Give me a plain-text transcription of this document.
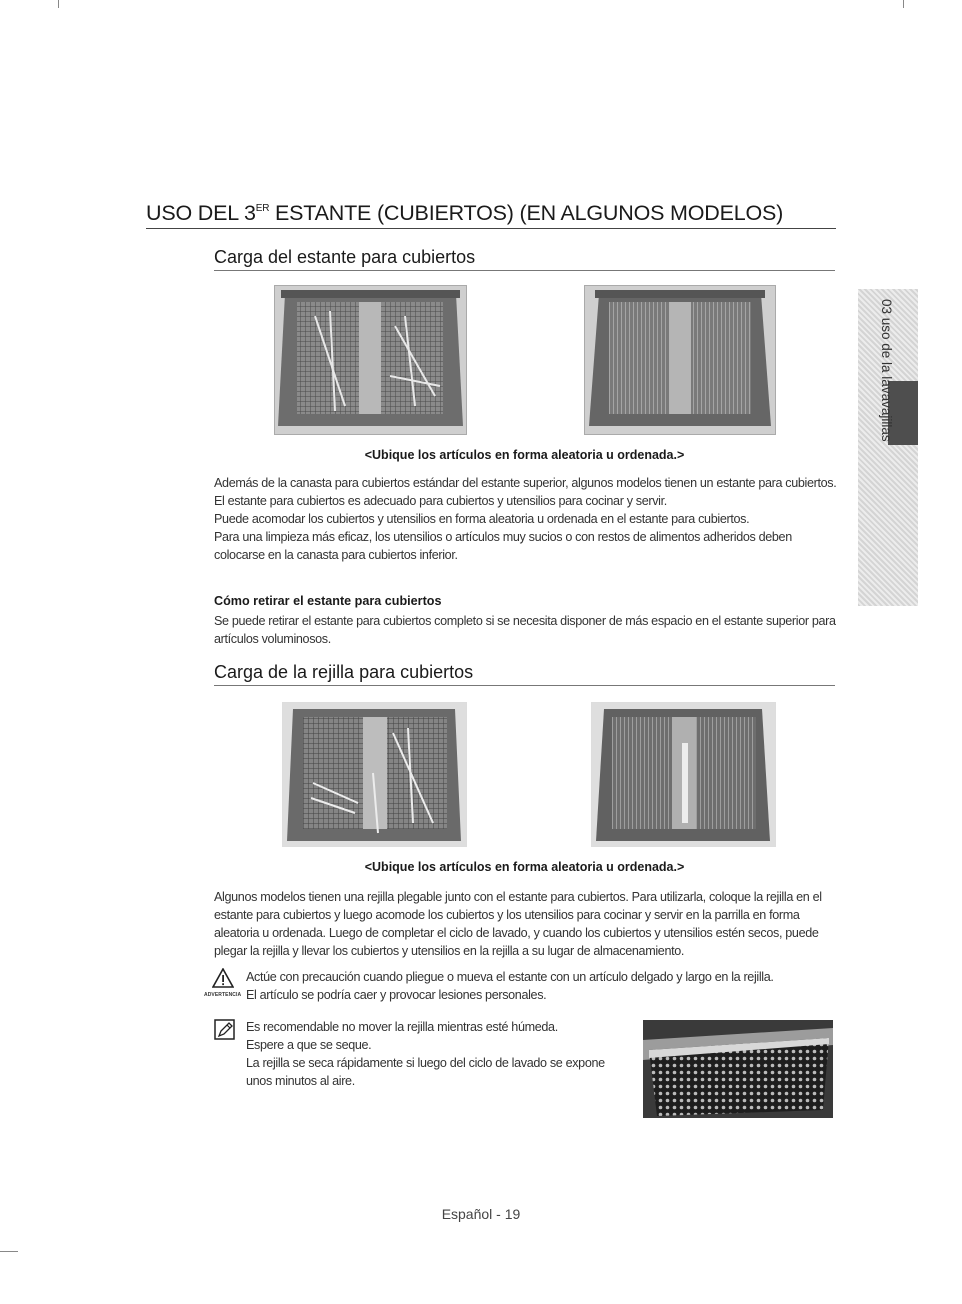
USO DEL 3ER ESTANTE (CUBIERTOS) (EN ALGUNOS MODELOS)
Carga del estante para cubiertos
<Ubique los artículos en forma aleatoria u ordenada.>

Además de la canasta para cubiertos estándar del estante superior, algunos modelos tienen un estante para cubiertos.

El estante para cubiertos es adecuado para cubiertos y utensilios para cocinar y servir.

Puede acomodar los cubiertos y utensilios en forma aleatoria u ordenada en el estante para cubiertos.

Para una limpieza más eficaz, los utensilios o artículos muy sucios o con restos de alimentos adheridos deben colocarse en la canasta para cubiertos inferior.

Cómo retirar el estante para cubiertos
Se puede retirar el estante para cubiertos completo si se necesita disponer de más espacio en el estante superior para artículos voluminosos.
Carga de la rejilla para cubiertos
<Ubique los artículos en forma aleatoria u ordenada.>
Algunos modelos tienen una rejilla plegable junto con el estante para cubiertos. Para utilizarla, coloque la rejilla en el estante para cubiertos y luego acomode los cubiertos y los utensilios para cocinar y servir en la parrilla en forma aleatoria u ordenada. Luego de completar el ciclo de lavado, y cuando los cubiertos y utensilios estén secos, puede plegar la rejilla y llevar los cubiertos y utensilios en la rejilla a su lugar de almacenamiento.
ADVERTENCIA

Actúe con precaución cuando pliegue o mueva el estante con un artículo delgado y largo en la rejilla.

El artículo se podría caer y provocar lesiones personales.

Es recomendable no mover la rejilla mientras esté húmeda.

Espere a que se seque.

La rejilla se seca rápidamente si luego del ciclo de lavado se expone unos minutos al aire.

03 uso de la lavavajillas
Español - 19
